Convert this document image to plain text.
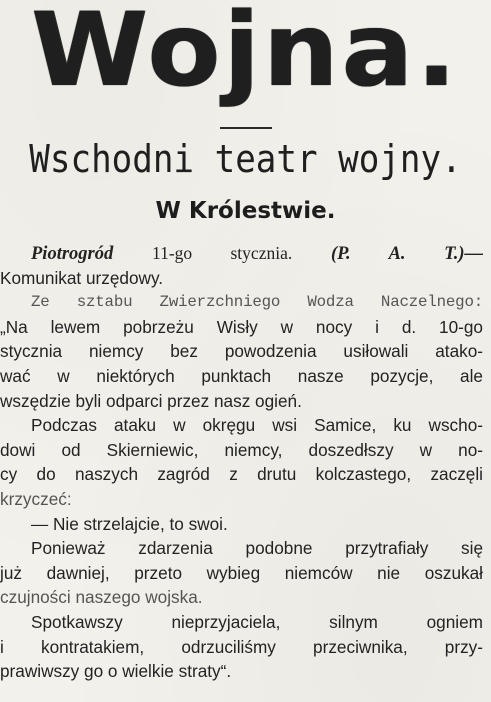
Wojna.
Wschodni teatr wojny.
W Królestwie.
Piotrogród 11-go stycznia. (P. A. T.)—
Komunikat urzędowy.
Ze sztabu Zwierzchniego Wodza Naczelnego:
„Na lewem pobrzeżu Wisły w nocy i d. 10-go
stycznia niemcy bez powodzenia usiłowali atako-
wać w niektórych punktach nasze pozycje, ale
wszędzie byli odparci przez nasz ogień.
Podczas ataku w okręgu wsi Samice, ku wscho-
dowi od Skierniewic, niemcy, doszedłszy w no-
cy do naszych zagród z drutu kolczastego, zaczęli
krzyczeć:
— Nie strzelajcie, to swoi.
Ponieważ zdarzenia podobne przytrafiały się
już dawniej, przeto wybieg niemców nie oszukał
czujności naszego wojska.
Spotkawszy nieprzyjaciela, silnym ogniem
i kontratakiem, odrzuciliśmy przeciwnika, przy-
prawiwszy go o wielkie straty“.
